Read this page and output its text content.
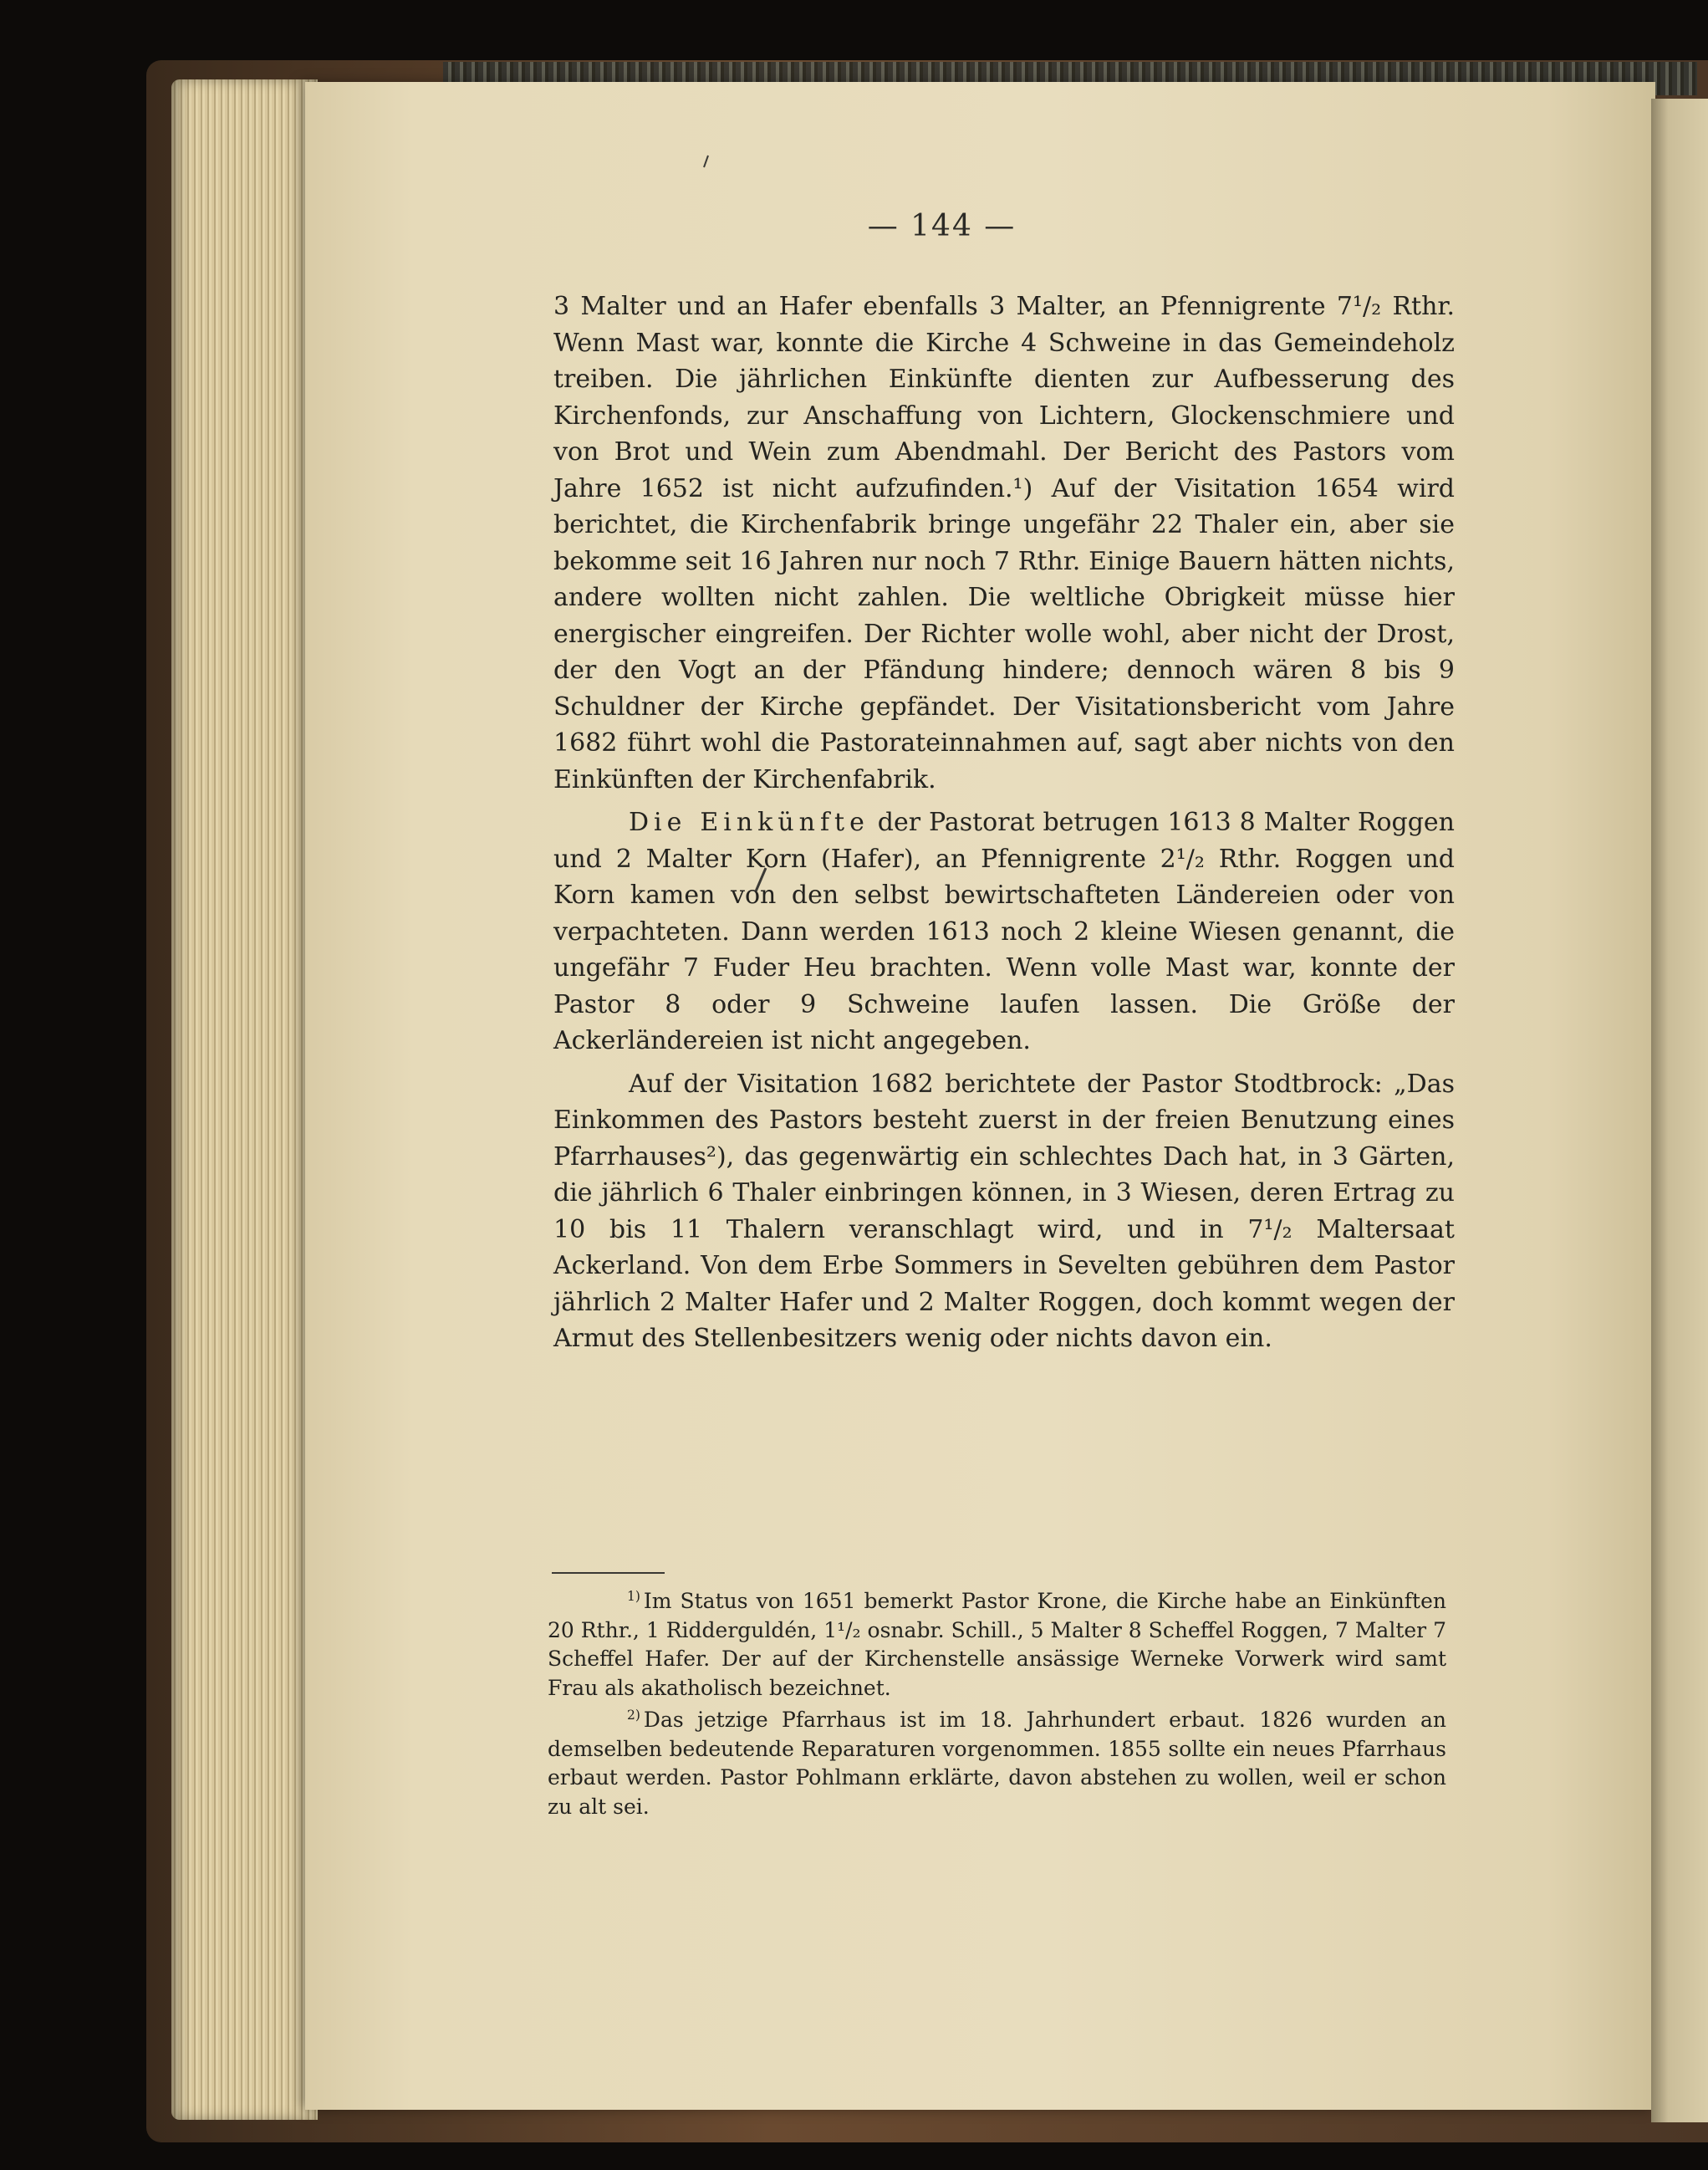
— 144 —

3 Malter und an Hafer ebenfalls 3 Malter, an Pfennigrente 7¹/₂ Rthr. Wenn Mast war, konnte die Kirche 4 Schweine in das Gemeindeholz treiben. Die jährlichen Einkünfte dienten zur Aufbesserung des Kirchenfonds, zur Anschaffung von Lichtern, Glockenschmiere und von Brot und Wein zum Abendmahl. Der Bericht des Pastors vom Jahre 1652 ist nicht aufzufinden.¹) Auf der Visitation 1654 wird berichtet, die Kirchenfabrik bringe ungefähr 22 Thaler ein, aber sie bekomme seit 16 Jahren nur noch 7 Rthr. Einige Bauern hätten nichts, andere wollten nicht zahlen. Die weltliche Obrigkeit müsse hier energischer eingreifen. Der Richter wolle wohl, aber nicht der Drost, der den Vogt an der Pfändung hindere; dennoch wären 8 bis 9 Schuldner der Kirche gepfändet. Der Visitationsbericht vom Jahre 1682 führt wohl die Pastorateinnahmen auf, sagt aber nichts von den Einkünften der Kirchenfabrik.

Die Einkünfte der Pastorat betrugen 1613 8 Malter Roggen und 2 Malter Korn (Hafer), an Pfennigrente 2¹/₂ Rthr. Roggen und Korn kamen von den selbst bewirtschafteten Ländereien oder von verpachteten. Dann werden 1613 noch 2 kleine Wiesen genannt, die ungefähr 7 Fuder Heu brachten. Wenn volle Mast war, konnte der Pastor 8 oder 9 Schweine laufen lassen. Die Größe der Ackerländereien ist nicht angegeben.

Auf der Visitation 1682 berichtete der Pastor Stodtbrock: „Das Einkommen des Pastors besteht zuerst in der freien Benutzung eines Pfarrhauses²), das gegenwärtig ein schlechtes Dach hat, in 3 Gärten, die jährlich 6 Thaler einbringen können, in 3 Wiesen, deren Ertrag zu 10 bis 11 Thalern veranschlagt wird, und in 7¹/₂ Maltersaat Ackerland. Von dem Erbe Sommers in Sevelten gebühren dem Pastor jährlich 2 Malter Hafer und 2 Malter Roggen, doch kommt wegen der Armut des Stellenbesitzers wenig oder nichts davon ein.

$^{1)}$ Im Status von 1651 bemerkt Pastor Krone, die Kirche habe an Einkünften 20 Rthr., 1 Ridderguldén, 1¹/₂ osnabr. Schill., 5 Malter 8 Scheffel Roggen, 7 Malter 7 Scheffel Hafer. Der auf der Kirchenstelle ansässige Werneke Vorwerk wird samt Frau als akatholisch bezeichnet.

$^{2)}$ Das jetzige Pfarrhaus ist im 18. Jahrhundert erbaut. 1826 wurden an demselben bedeutende Reparaturen vorgenommen. 1855 sollte ein neues Pfarrhaus erbaut werden. Pastor Pohlmann erklärte, davon abstehen zu wollen, weil er schon zu alt sei.
